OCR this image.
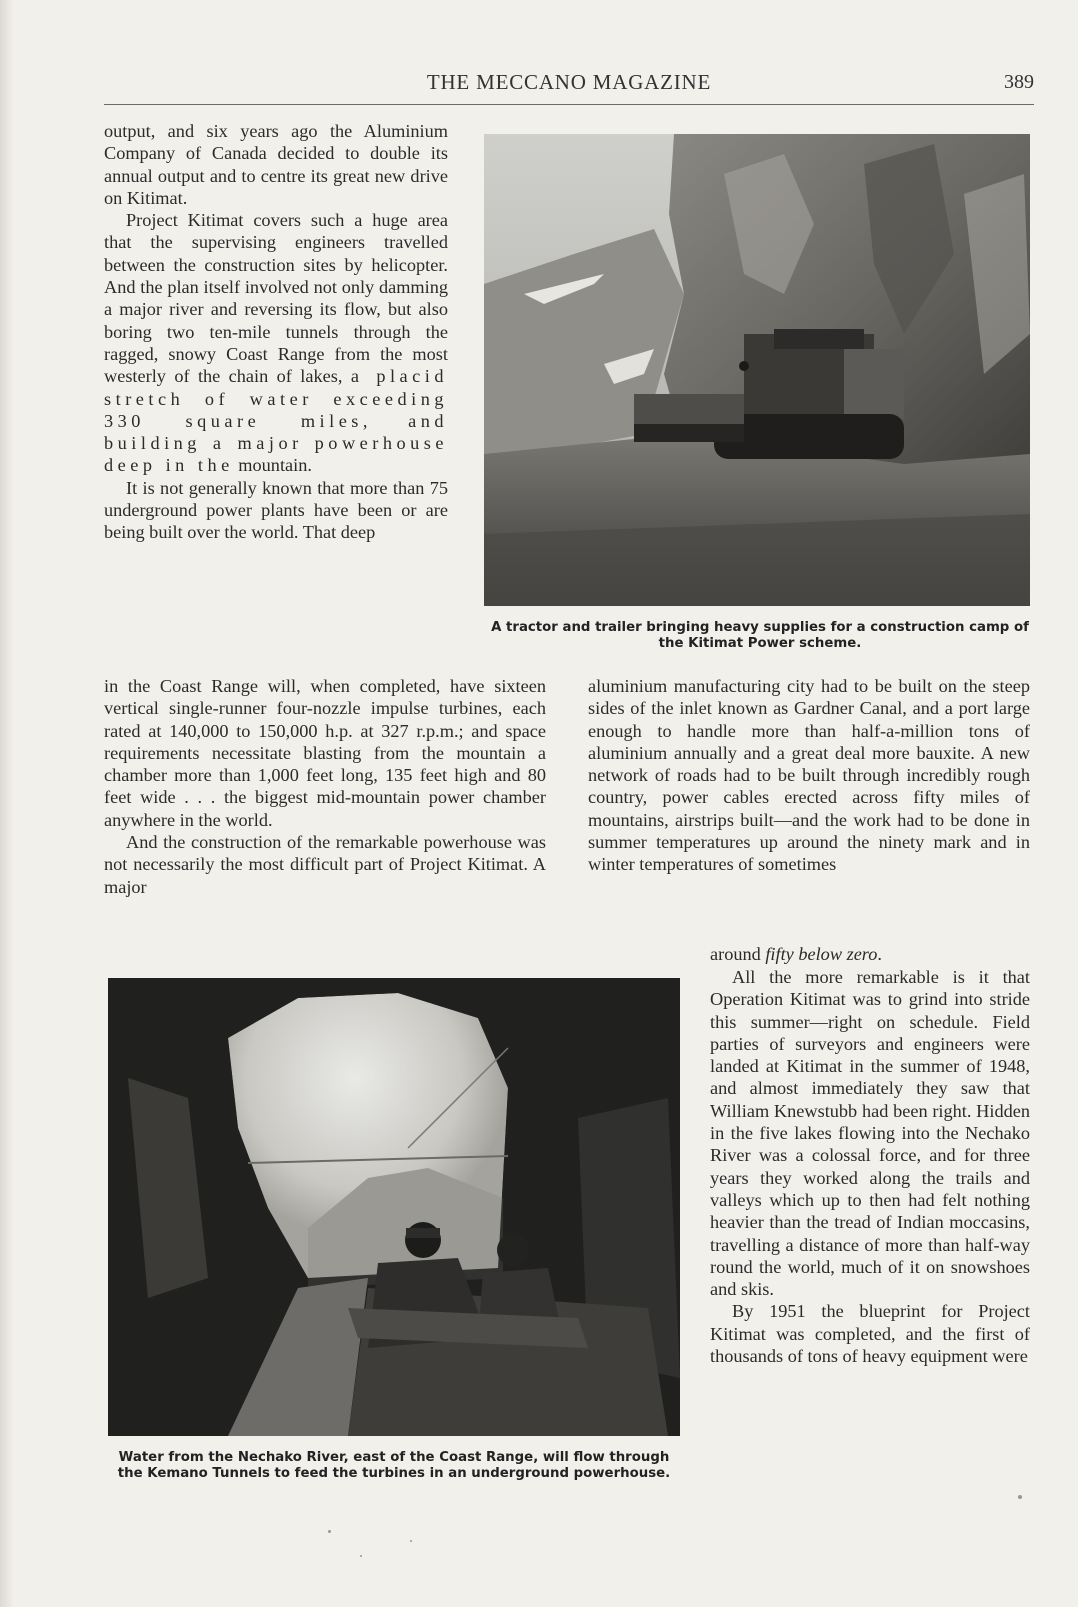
THE MECCANO MAGAZINE	389

output, and six years ago the Aluminium Company of Canada decided to double its annual output and to centre its great new drive on Kitimat.

Project Kitimat covers such a huge area that the supervising engineers travelled between the construction sites by helicopter. And the plan itself involved not only damming a major river and reversing its flow, but also boring two ten-mile tunnels through the ragged, snowy Coast Range from the most westerly of the chain of lakes, a placid stretch of water exceeding 330 square miles, and building a major powerhouse deep in the mountain.

It is not generally known that more than 75 underground power plants have been or are being built over the world. That deep

A tractor and trailer bringing heavy supplies for a construction camp of the Kitimat Power scheme.

in the Coast Range will, when completed, have sixteen vertical single-runner four-nozzle impulse turbines, each rated at 140,000 to 150,000 h.p. at 327 r.p.m.; and space requirements necessitate blasting from the mountain a chamber more than 1,000 feet long, 135 feet high and 80 feet wide . . . the biggest mid-mountain power chamber anywhere in the world.

And the construction of the remarkable powerhouse was not necessarily the most difficult part of Project Kitimat. A major

aluminium manufacturing city had to be built on the steep sides of the inlet known as Gardner Canal, and a port large enough to handle more than half-a-million tons of aluminium annually and a great deal more bauxite. A new network of roads had to be built through incredibly rough country, power cables erected across fifty miles of mountains, airstrips built—and the work had to be done in summer temperatures up around the ninety mark and in winter temperatures of sometimes

around fifty below zero.
Water from the Nechako River, east of the Coast Range, will flow through the Kemano Tunnels to feed the turbines in an underground powerhouse.

All the more remarkable is it that Operation Kitimat was to grind into stride this summer—right on schedule. Field parties of surveyors and engineers were landed at Kitimat in the summer of 1948, and almost immediately they saw that William Knewstubb had been right. Hidden in the five lakes flowing into the Nechako River was a colossal force, and for three years they worked along the trails and valleys which up to then had felt nothing heavier than the tread of Indian moccasins, travelling a distance of more than half-way round the world, much of it on snowshoes and skis.

By 1951 the blueprint for Project Kitimat was completed, and the first of thousands of tons of heavy equipment were
